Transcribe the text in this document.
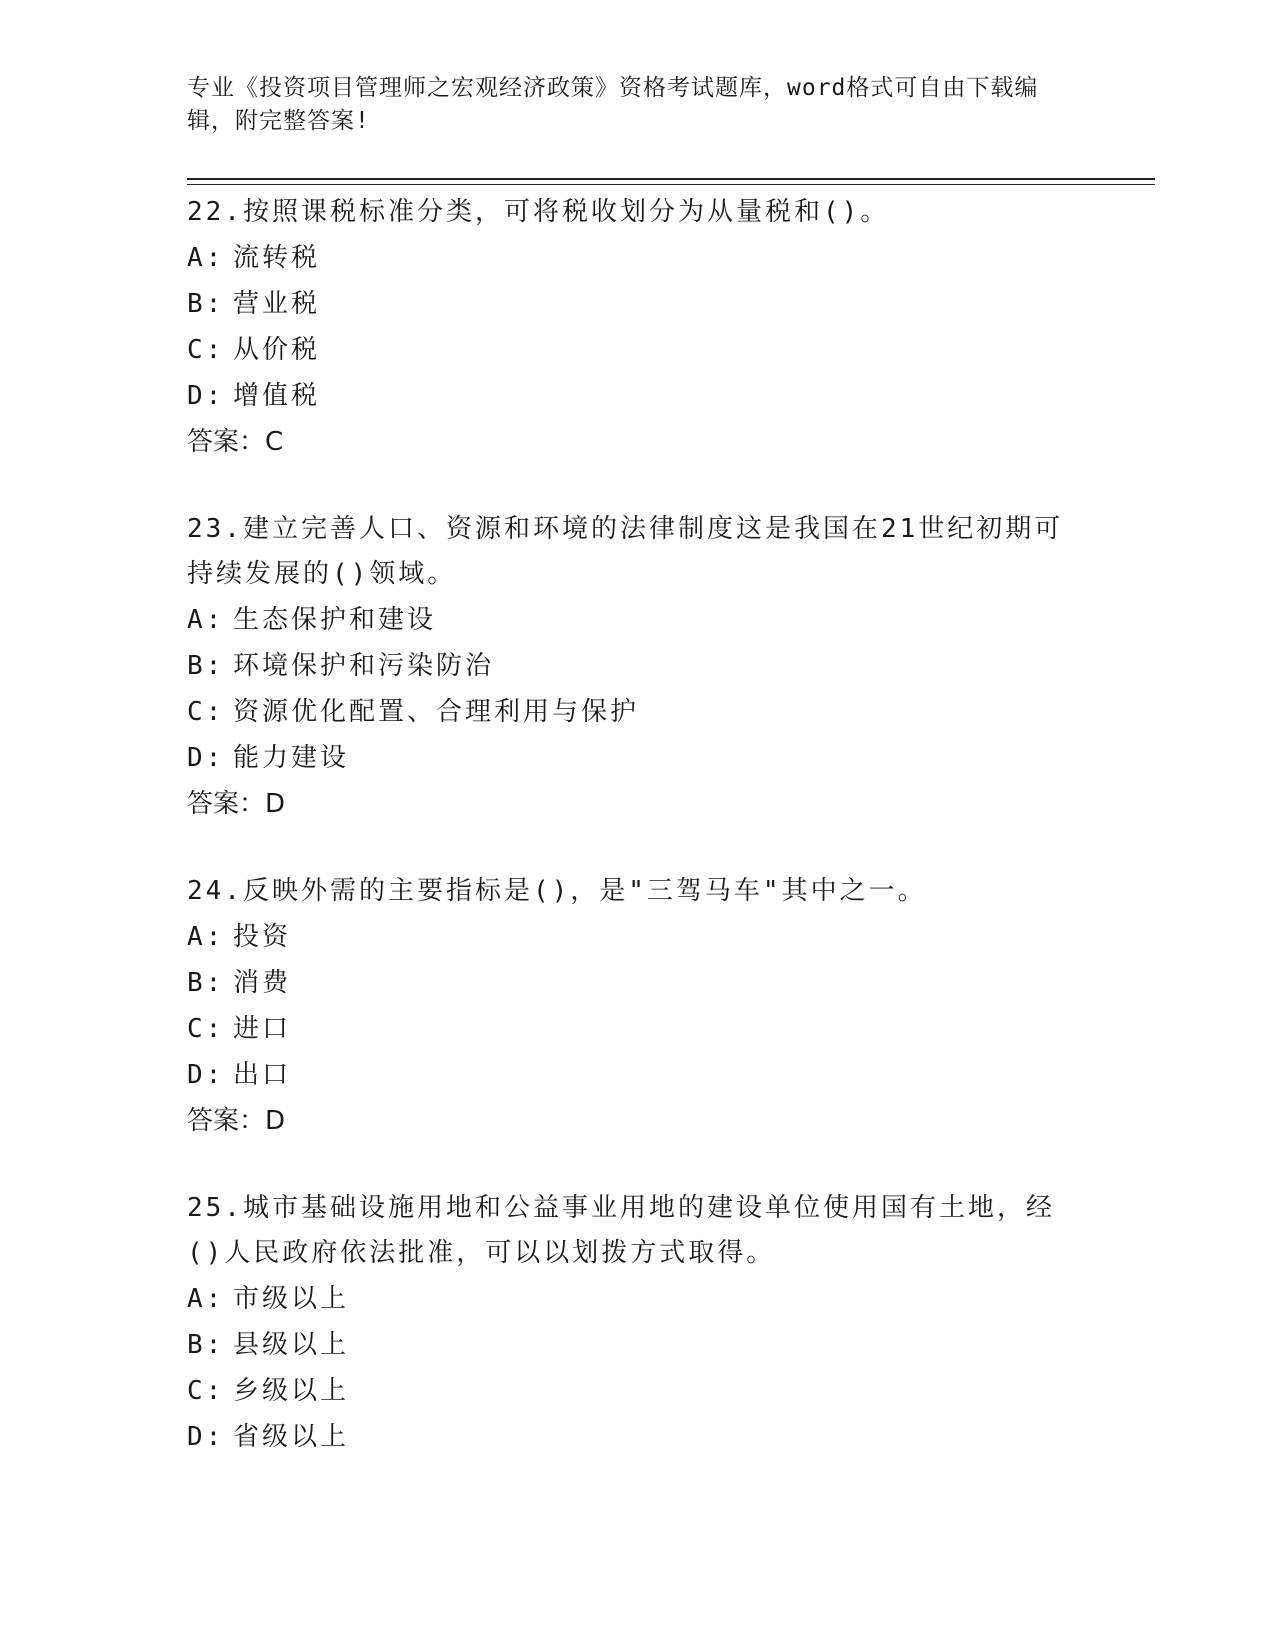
专业《投资项目管理师之宏观经济政策》资格考试题库，word格式可自由下载编
辑，附完整答案!
22.按照课税标准分类，可将税收划分为从量税和()。
A: 流转税
B: 营业税
C: 从价税
D: 增值税
答案：C
23.建立完善人口、资源和环境的法律制度这是我国在21世纪初期可持续发展的()领域。
A: 生态保护和建设
B: 环境保护和污染防治
C: 资源优化配置、合理利用与保护
D: 能力建设
答案：D
24.反映外需的主要指标是()，是"三驾马车"其中之一。
A: 投资
B: 消费
C: 进口
D: 出口
答案：D
25.城市基础设施用地和公益事业用地的建设单位使用国有土地，经()人民政府依法批准，可以以划拨方式取得。
A: 市级以上
B: 县级以上
C: 乡级以上
D: 省级以上
